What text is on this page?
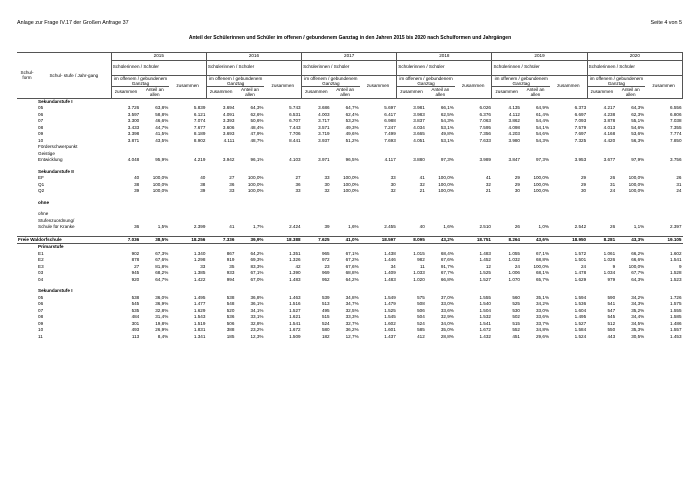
Anlage zur Frage IV.17 der Großen Anfrage 37	Seite 4 von 5
Anteil der Schülerinnen und Schüler im offenen / gebundenem Ganztag in den Jahren 2015 bis 2020 nach Schulformen und Jahrgängen
Schul- form	Schul- stufe / Jahr-gang	2015			2016			2017			2018			2019			2020		
		Schülerinnen / Schüler			Schülerinnen / Schüler			Schülerinnen / Schüler			Schülerinnen / Schüler			Schülerinnen / Schüler			Schülerinnen / Schüler		
		im offenem / gebundenem Ganztag		zusammen	im offenem / gebundenem Ganztag		zusammen	im offenem / gebundenem Ganztag		zusammen	im offenem / gebundenem Ganztag		zusammen	im offenem / gebundenem Ganztag		zusammen	im offenem / gebundenem Ganztag		zusammen
		zusammen	Anteil an allen		zusammen	Anteil an allen		zusammen	Anteil an allen		zusammen	Anteil an allen		zusammen	Anteil an allen		zusammen	Anteil an allen	
	Sekundarstufe I																		
	05	3.726	63,8%	5.839	3.694	64,3%	5.743	3.686	64,7%	5.697	3.981	66,1%	6.026	4.135	64,9%	6.373	4.217	64,3%	6.556
	06	3.597	58,8%	6.121	4.091	62,6%	6.531	4.003	62,4%	6.417	3.983	62,5%	6.376	4.112	61,4%	6.697	4.238	62,3%	6.806
	07	3.300	46,6%	7.074	3.393	50,6%	6.707	3.717	53,2%	6.988	3.837	54,3%	7.063	3.862	54,4%	7.093	3.878	55,1%	7.038
	08	3.433	44,7%	7.677	3.606	48,4%	7.443	3.571	49,3%	7.247	4.034	53,1%	7.595	4.098	54,1%	7.579	4.013	54,6%	7.355
	09	3.398	41,5%	8.189	3.693	47,9%	7.706	3.719	49,6%	7.499	3.665	49,8%	7.356	4.203	54,6%	7.697	4.168	53,6%	7.774
	10	3.871	43,5%	8.902	4.111	48,7%	8.441	3.937	51,2%	7.693	4.051	53,1%	7.633	3.980	54,3%	7.325	4.420	56,3%	7.850
	Förderschwerpunkt																		
	Geistige																		
	Entwicklung	4.048	95,9%	4.219	3.942	96,1%	4.103	3.971	96,5%	4.117	3.880	97,3%	3.989	3.847	97,3%	3.953	3.677	97,9%	3.756

	Sekundarstufe II																		
	EF	40	100,0%	40	27	100,0%	27	33	100,0%	33	41	100,0%	41	29	100,0%	29	26	100,0%	26
	Q1	38	100,0%	38	36	100,0%	36	30	100,0%	30	32	100,0%	32	29	100,0%	29	31	100,0%	31
	Q2	39	100,0%	39	33	100,0%	33	32	100,0%	32	21	100,0%	21	30	100,0%	30	24	100,0%	24

	ohne																		

	ohne																		
	Stufenzuordnung/																		
	Schule für Kranke	36	1,5%	2.399	41	1,7%	2.424	39	1,6%	2.455	40	1,6%	2.510	26	1,0%	2.542	26	1,1%	2.397

Freie Waldorfschule		7.036	38,5%	18.256	7.336	39,9%	18.388	7.625	41,0%	18.597	8.095	43,2%	18.751	8.264	43,6%	18.950	8.281	43,3%	19.105
	Primarstufe																		
	E1	902	67,3%	1.340	867	64,2%	1.351	965	67,1%	1.438	1.015	68,4%	1.483	1.055	67,1%	1.572	1.061	66,2%	1.602
	E2	878	67,6%	1.298	919	69,3%	1.326	972	67,2%	1.446	982	67,6%	1.452	1.032	68,8%	1.501	1.026	66,6%	1.541
	E3	27	81,8%	33	35	83,3%	42	23	67,6%	34	11	91,7%	12	24	100,0%	24	9	100,0%	9
	03	945	68,2%	1.385	933	67,1%	1.390	969	68,8%	1.409	1.033	67,7%	1.525	1.006	68,1%	1.478	1.034	67,7%	1.528
	04	920	64,7%	1.422	994	67,0%	1.483	952	64,2%	1.483	1.020	66,8%	1.527	1.070	65,7%	1.629	979	64,3%	1.523

	Sekundarstufe I																		
	05	538	36,0%	1.495	538	36,8%	1.463	539	34,8%	1.549	575	37,0%	1.555	560	35,1%	1.594	590	34,2%	1.726
	06	545	36,9%	1.477	548	36,1%	1.516	513	34,7%	1.479	508	33,0%	1.540	525	34,2%	1.536	541	34,3%	1.575
	07	535	32,8%	1.629	520	34,1%	1.527	495	32,5%	1.525	506	33,6%	1.504	530	33,0%	1.604	547	35,2%	1.555
	08	484	31,4%	1.543	536	33,1%	1.621	515	33,3%	1.545	504	32,9%	1.532	502	33,6%	1.495	545	34,4%	1.585
	09	301	19,8%	1.519	506	32,8%	1.541	524	32,7%	1.602	524	34,0%	1.541	515	33,7%	1.527	512	34,5%	1.486
	10	493	26,9%	1.831	388	23,2%	1.672	580	36,2%	1.601	585	35,0%	1.672	552	34,8%	1.584	550	35,3%	1.557
	11	113	8,4%	1.341	185	12,3%	1.509	182	12,7%	1.437	412	28,8%	1.432	451	29,6%	1.524	443	30,5%	1.453
